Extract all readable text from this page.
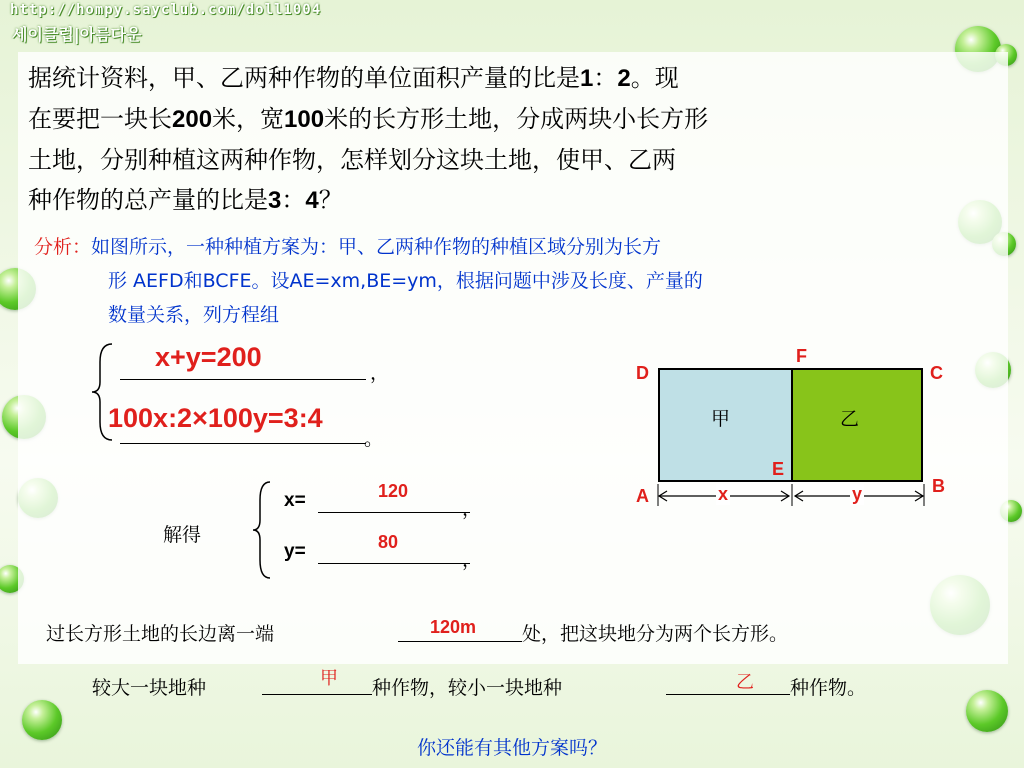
http://hompy.sayclub.com/doll1004
세이클럽|아름다운
据统计资料，甲、乙两种作物的单位面积产量的比是1：2。现
在要把一块长200米，宽100米的长方形土地，分成两块小长方形
土地，分别种植这两种作物，怎样划分这块土地，使甲、乙两
种作物的总产量的比是3：4？
分析：如图所示，一种种植方案为：甲、乙两种作物的种植区域分别为长方
形 AEFD和BCFE。设AE=xm,BE=ym，根据问题中涉及长度、产量的
数量关系，列方程组
x+y=200
，
100x:2×100y=3:4
。
解得
x=	120
，
y=	80
，
甲	乙
D
F
C
E
A	B
x	y
过长方形土地的长边离一端	120m 处，把这块地分为两个长方形。
较大一块地种	甲 种作物，较小一块地种	乙 种作物。
你还能有其他方案吗？
